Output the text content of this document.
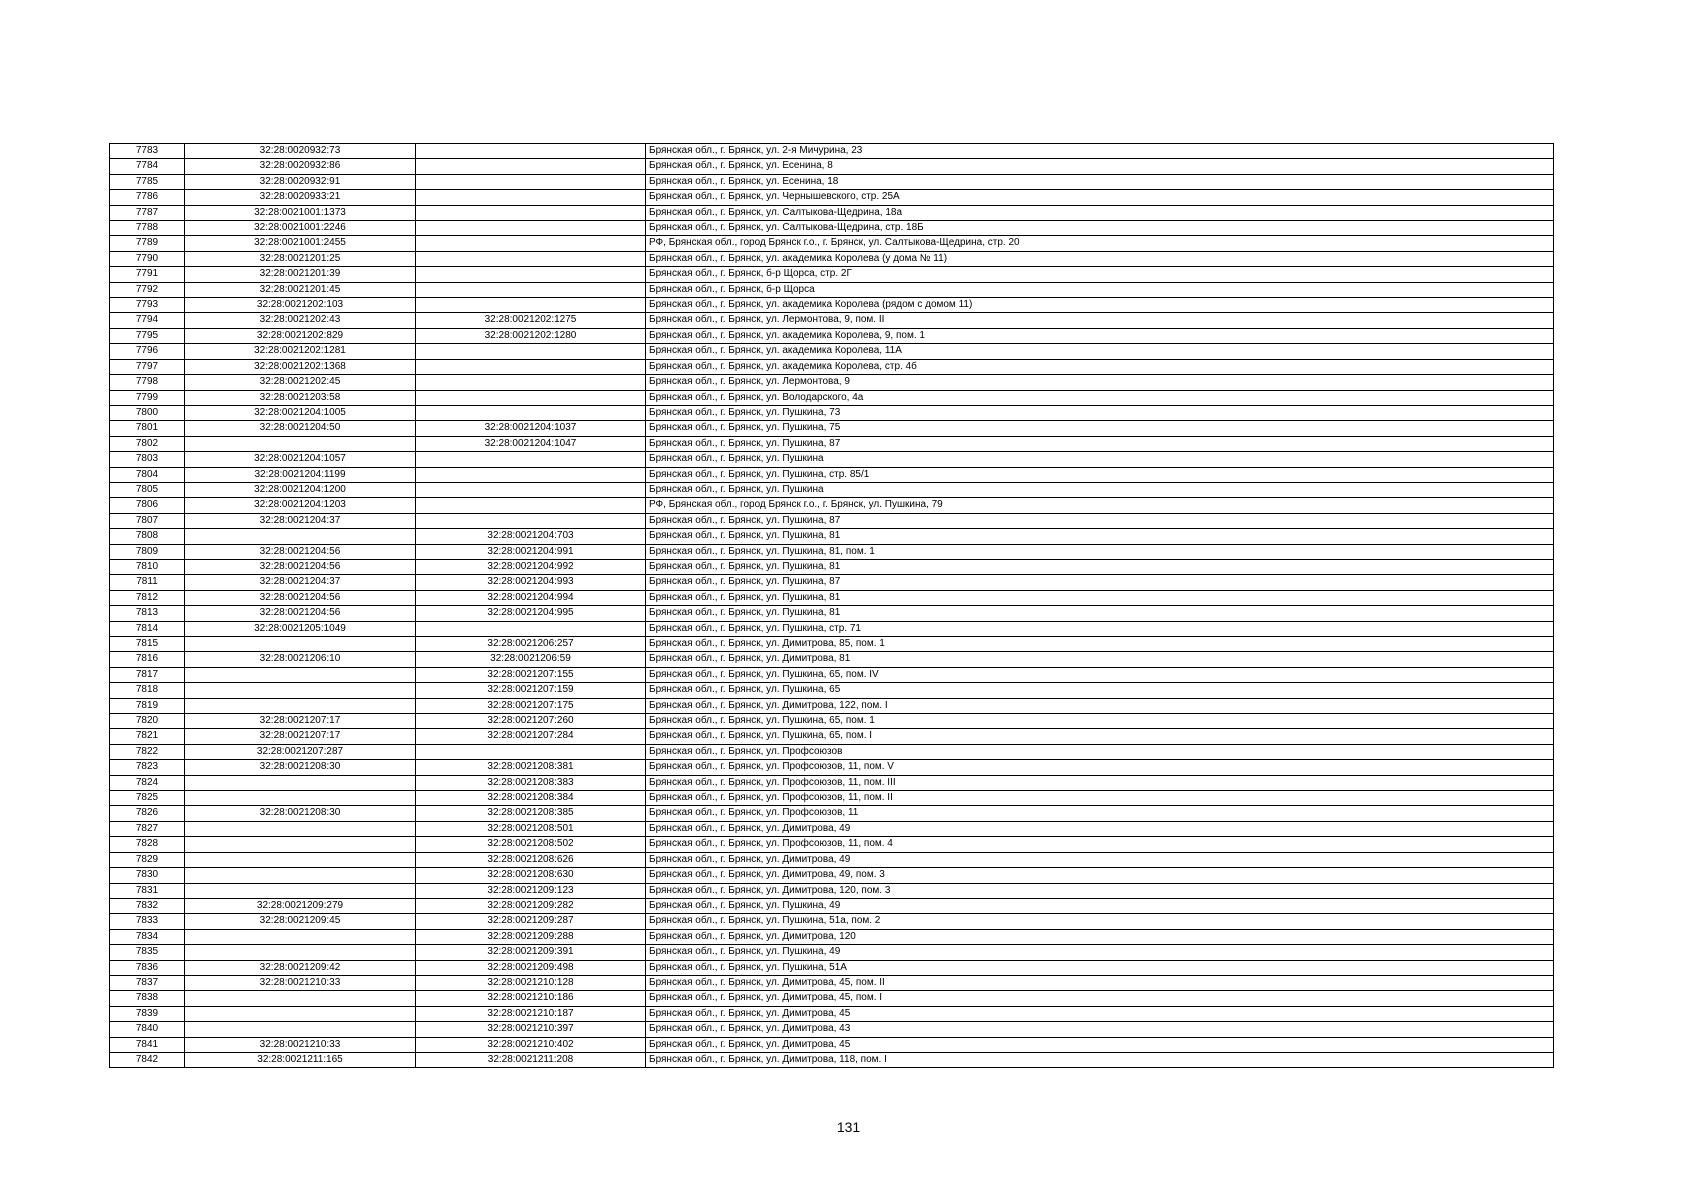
7783	32:28:0020932:73		Брянская обл., г. Брянск, ул. 2-я Мичурина, 23
7784	32:28:0020932:86		Брянская обл., г. Брянск, ул. Есенина, 8
7785	32:28:0020932:91		Брянская обл., г. Брянск, ул. Есенина, 18
7786	32:28:0020933:21		Брянская обл., г. Брянск, ул. Чернышевского, стр. 25А
7787	32:28:0021001:1373		Брянская обл., г. Брянск, ул. Салтыкова-Щедрина, 18а
7788	32:28:0021001:2246		Брянская обл., г. Брянск, ул. Салтыкова-Щедрина, стр. 18Б
7789	32:28:0021001:2455		РФ, Брянская обл., город Брянск г.о., г. Брянск, ул. Салтыкова-Щедрина, стр. 20
7790	32:28:0021201:25		Брянская обл., г. Брянск, ул. академика Королева (у дома № 11)
7791	32:28:0021201:39		Брянская обл., г. Брянск, б-р Щорса, стр. 2Г
7792	32:28:0021201:45		Брянская обл., г. Брянск, б-р Щорса
7793	32:28:0021202:103		Брянская обл., г. Брянск, ул. академика Королева (рядом с домом 11)
7794	32:28:0021202:43	32:28:0021202:1275	Брянская обл., г. Брянск, ул. Лермонтова, 9, пом. II
7795	32:28:0021202:829	32:28:0021202:1280	Брянская обл., г. Брянск, ул. академика Королева, 9, пом. 1
7796	32:28:0021202:1281		Брянская обл., г. Брянск, ул. академика Королева, 11А
7797	32:28:0021202:1368		Брянская обл., г. Брянск, ул. академика Королева, стр. 4б
7798	32:28:0021202:45		Брянская обл., г. Брянск, ул. Лермонтова, 9
7799	32:28:0021203:58		Брянская обл., г. Брянск, ул. Володарского, 4а
7800	32:28:0021204:1005		Брянская обл., г. Брянск, ул. Пушкина, 73
7801	32:28:0021204:50	32:28:0021204:1037	Брянская обл., г. Брянск, ул. Пушкина, 75
7802		32:28:0021204:1047	Брянская обл., г. Брянск, ул. Пушкина, 87
7803	32:28:0021204:1057		Брянская обл., г. Брянск, ул. Пушкина
7804	32:28:0021204:1199		Брянская обл., г. Брянск, ул. Пушкина, стр. 85/1
7805	32:28:0021204:1200		Брянская обл., г. Брянск, ул. Пушкина
7806	32:28:0021204:1203		РФ, Брянская обл., город Брянск г.о., г. Брянск, ул. Пушкина, 79
7807	32:28:0021204:37		Брянская обл., г. Брянск, ул. Пушкина, 87
7808		32:28:0021204:703	Брянская обл., г. Брянск, ул. Пушкина, 81
7809	32:28:0021204:56	32:28:0021204:991	Брянская обл., г. Брянск, ул. Пушкина, 81, пом. 1
7810	32:28:0021204:56	32:28:0021204:992	Брянская обл., г. Брянск, ул. Пушкина, 81
7811	32:28:0021204:37	32:28:0021204:993	Брянская обл., г. Брянск, ул. Пушкина, 87
7812	32:28:0021204:56	32:28:0021204:994	Брянская обл., г. Брянск, ул. Пушкина, 81
7813	32:28:0021204:56	32:28:0021204:995	Брянская обл., г. Брянск, ул. Пушкина, 81
7814	32:28:0021205:1049		Брянская обл., г. Брянск, ул. Пушкина, стр. 71
7815		32:28:0021206:257	Брянская обл., г. Брянск, ул. Димитрова, 85, пом. 1
7816	32:28:0021206:10	32:28:0021206:59	Брянская обл., г. Брянск, ул. Димитрова, 81
7817		32:28:0021207:155	Брянская обл., г. Брянск, ул. Пушкина, 65, пом. IV
7818		32:28:0021207:159	Брянская обл., г. Брянск, ул. Пушкина, 65
7819		32:28:0021207:175	Брянская обл., г. Брянск, ул. Димитрова, 122, пом. I
7820	32:28:0021207:17	32:28:0021207:260	Брянская обл., г. Брянск, ул. Пушкина, 65, пом. 1
7821	32:28:0021207:17	32:28:0021207:284	Брянская обл., г. Брянск, ул. Пушкина, 65, пом. I
7822	32:28:0021207:287		Брянская обл., г. Брянск, ул. Профсоюзов
7823	32:28:0021208:30	32:28:0021208:381	Брянская обл., г. Брянск, ул. Профсоюзов, 11, пом. V
7824		32:28:0021208:383	Брянская обл., г. Брянск, ул. Профсоюзов, 11, пом. III
7825		32:28:0021208:384	Брянская обл., г. Брянск, ул. Профсоюзов, 11, пом. II
7826	32:28:0021208:30	32:28:0021208:385	Брянская обл., г. Брянск, ул. Профсоюзов, 11
7827		32:28:0021208:501	Брянская обл., г. Брянск, ул. Димитрова, 49
7828		32:28:0021208:502	Брянская обл., г. Брянск, ул. Профсоюзов, 11, пом. 4
7829		32:28:0021208:626	Брянская обл., г. Брянск, ул. Димитрова, 49
7830		32:28:0021208:630	Брянская обл., г. Брянск, ул. Димитрова, 49, пом. 3
7831		32:28:0021209:123	Брянская обл., г. Брянск, ул. Димитрова, 120, пом. 3
7832	32:28:0021209:279	32:28:0021209:282	Брянская обл., г. Брянск, ул. Пушкина, 49
7833	32:28:0021209:45	32:28:0021209:287	Брянская обл., г. Брянск, ул. Пушкина, 51а, пом. 2
7834		32:28:0021209:288	Брянская обл., г. Брянск, ул. Димитрова, 120
7835		32:28:0021209:391	Брянская обл., г. Брянск, ул. Пушкина, 49
7836	32:28:0021209:42	32:28:0021209:498	Брянская обл., г. Брянск, ул. Пушкина, 51А
7837	32:28:0021210:33	32:28:0021210:128	Брянская обл., г. Брянск, ул. Димитрова, 45, пом. II
7838		32:28:0021210:186	Брянская обл., г. Брянск, ул. Димитрова, 45, пом. I
7839		32:28:0021210:187	Брянская обл., г. Брянск, ул. Димитрова, 45
7840		32:28:0021210:397	Брянская обл., г. Брянск, ул. Димитрова, 43
7841	32:28:0021210:33	32:28:0021210:402	Брянская обл., г. Брянск, ул. Димитрова, 45
7842	32:28:0021211:165	32:28:0021211:208	Брянская обл., г. Брянск, ул. Димитрова, 118, пом. I
131
